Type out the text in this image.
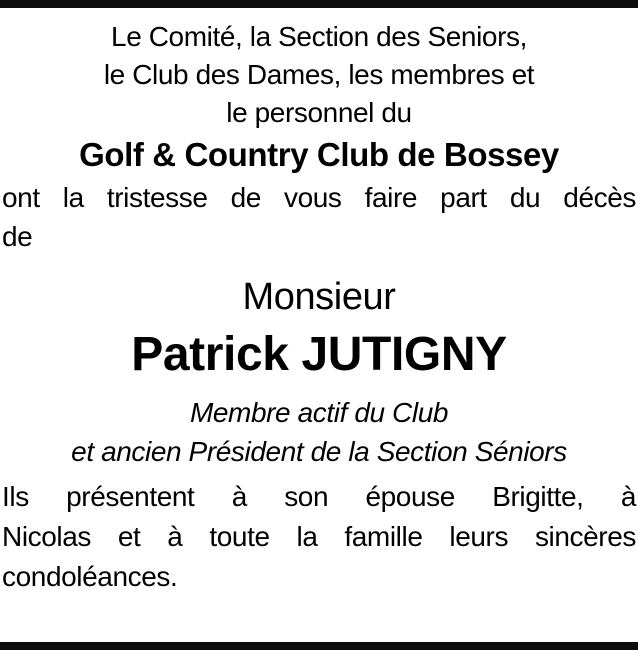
Le Comité, la Section des Seniors,
le Club des Dames, les membres et
le personnel du
Golf & Country Club de Bossey
ont la tristesse de vous faire part du décès
de
Monsieur
Patrick JUTIGNY
Membre actif du Club
et ancien Président de la Section Séniors
Ils présentent à son épouse Brigitte, à
Nicolas et à toute la famille leurs sincères
condoléances.
